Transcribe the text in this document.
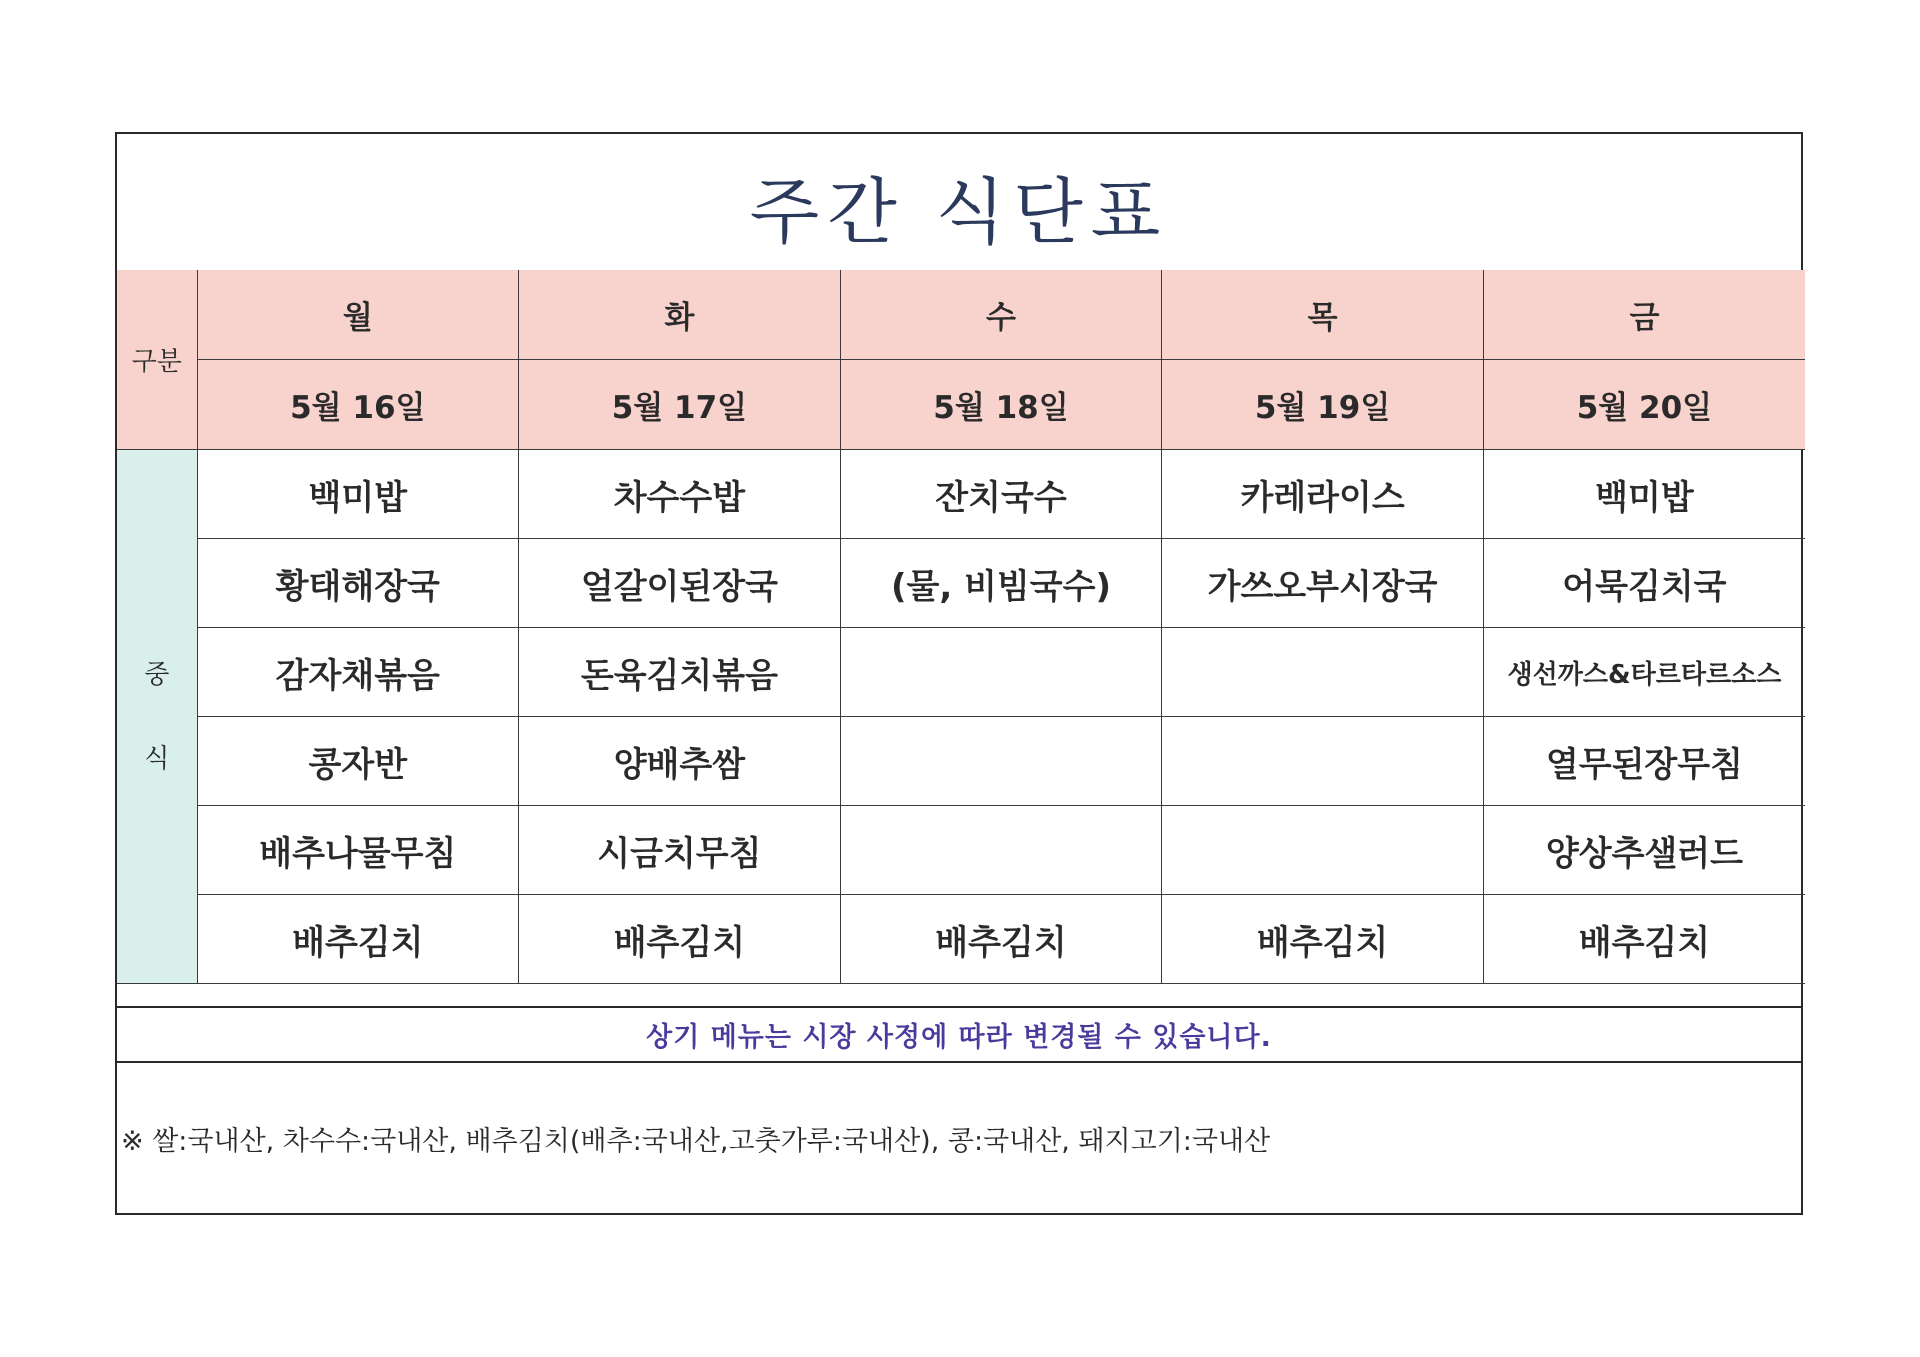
주간 식단표
구분	월	화	수	목	금
	5월 16일	5월 17일	5월 18일	5월 19일	5월 20일

중
식	백미밥	차수수밥	잔치국수	카레라이스	백미밥
	황태해장국	얼갈이된장국	(물, 비빔국수)	가쓰오부시장국	어묵김치국
	감자채볶음	돈육김치볶음			생선까스&타르타르소스
	콩자반	양배추쌈			열무된장무침
	배추나물무침	시금치무침			양상추샐러드
	배추김치	배추김치	배추김치	배추김치	배추김치
상기 메뉴는 시장 사정에 따라 변경될 수 있습니다.
※ 쌀:국내산, 차수수:국내산, 배추김치(배추:국내산,고춧가루:국내산), 콩:국내산, 돼지고기:국내산
